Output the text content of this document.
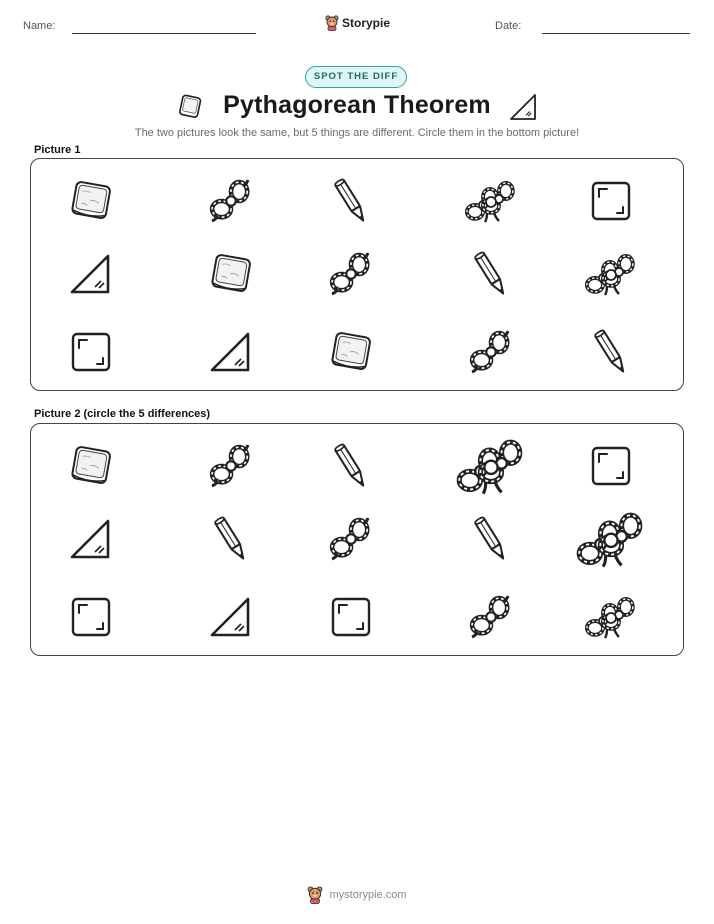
Name:	Storypie	Date:
SPOT THE DIFF
Pythagorean Theorem
The two pictures look the same, but 5 things are different. Circle them in the bottom picture!
Picture 1
Picture 2 (circle the 5 differences)
mystorypie.com
